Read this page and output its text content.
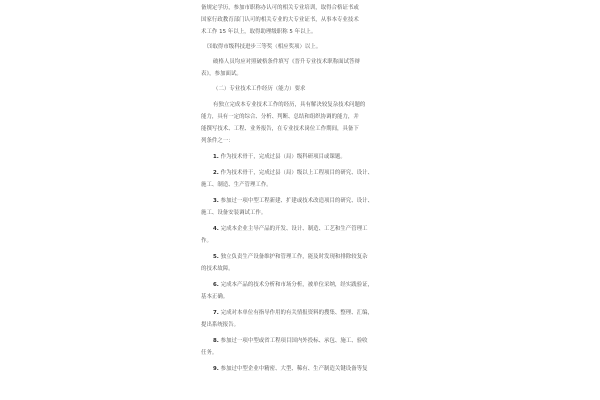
备规定学历，参加市职称办认可的相关专业培训，取得合格证书或
国家行政教育部门认可的相关专业的大专业证书，从事本专业技术
术工作 15 年以上，取得助理级职称 5 年以上。
⑶取得市级科技进步三等奖（相应奖项）以上。
破格人员均应对照破格条件填写《晋升专业技术职称面试答辩
表》，参加面试。
（二）专业技术工作经历（能力）要求
有独立完成本专业技术工作的经历，具有解决较复杂技术问题的
能力，具有一定的综合、分析、判断、总结和组织协调的能力，并
能撰写技术、工程、业务报告，在专业技术岗位工作期间，具备下
列条件之一：
1. 作为技术骨干，完成过县（局）级科研项目或课题。
2. 作为技术骨干，完成过县（局）级以上工程项目的研究、设计、
施工、制造、生产管理工作。
3. 参加过一项中型工程新建、扩建或技术改造项目的研究、设计、
施工、设备安装调试工作。
4. 完成本企业主导产品的开发、设计、制造、工艺和生产管理工
作。
5. 独立负责生产设备维护和管理工作，能及时发现和排除较复杂
的技术故障。
6. 完成本产品的技术分析和市场分析，被单位采纳，经实践验证，
基本正确。
7. 完成对本单位有指导作用的有关情报资料的搜集、整理、汇编，
提出系统报告。
8. 参加过一项中型或省工程项目国内外投标、承包、施工、验收
任务。
9. 参加过中型企业中精密、大型、稀有、生产制造关键设备等复
